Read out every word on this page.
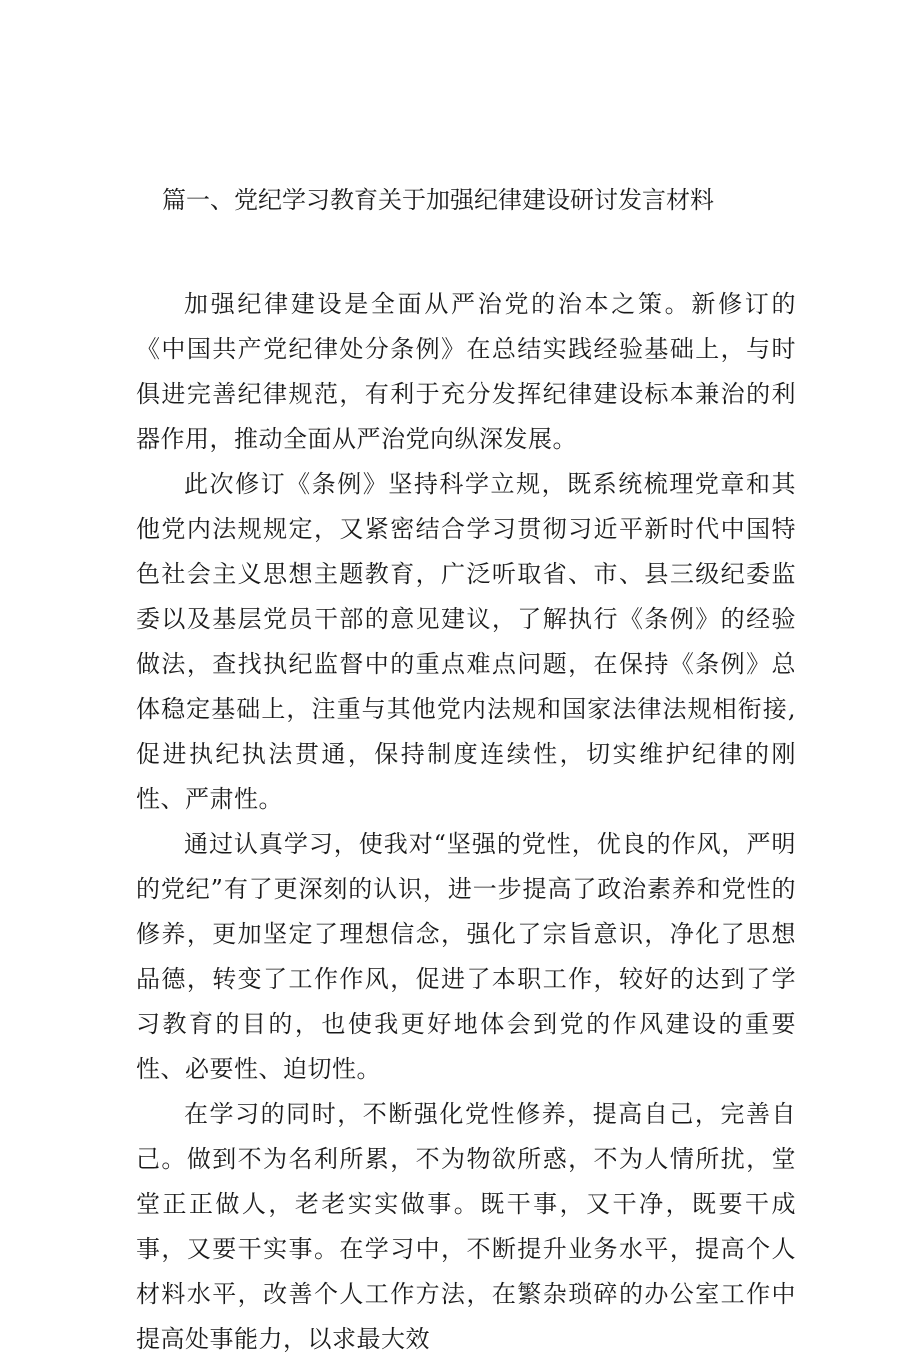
篇一、党纪学习教育关于加强纪律建设研讨发言材料

加强纪律建设是全面从严治党的治本之策。新修订的《中国共产党纪律处分条例》在总结实践经验基础上，与时俱进完善纪律规范，有利于充分发挥纪律建设标本兼治的利器作用，推动全面从严治党向纵深发展。

此次修订《条例》坚持科学立规，既系统梳理党章和其他党内法规规定，又紧密结合学习贯彻习近平新时代中国特色社会主义思想主题教育，广泛听取省、市、县三级纪委监委以及基层党员干部的意见建议，了解执行《条例》的经验做法，查找执纪监督中的重点难点问题，在保持《条例》总体稳定基础上，注重与其他党内法规和国家法律法规相衔接,促进执纪执法贯通，保持制度连续性，切实维护纪律的刚性、严肃性。

通过认真学习，使我对“坚强的党性，优良的作风，严明的党纪”有了更深刻的认识，进一步提高了政治素养和党性的修养，更加坚定了理想信念，强化了宗旨意识，净化了思想品德，转变了工作作风，促进了本职工作，较好的达到了学习教育的目的，也使我更好地体会到党的作风建设的重要性、必要性、迫切性。

在学习的同时，不断强化党性修养，提高自己，完善自己。做到不为名利所累，不为物欲所惑，不为人情所扰，堂堂正正做人，老老实实做事。既干事，又干净，既要干成事，又要干实事。在学习中，不断提升业务水平，提高个人材料水平，改善个人工作方法，在繁杂琐碎的办公室工作中提高处事能力，以求最大效
